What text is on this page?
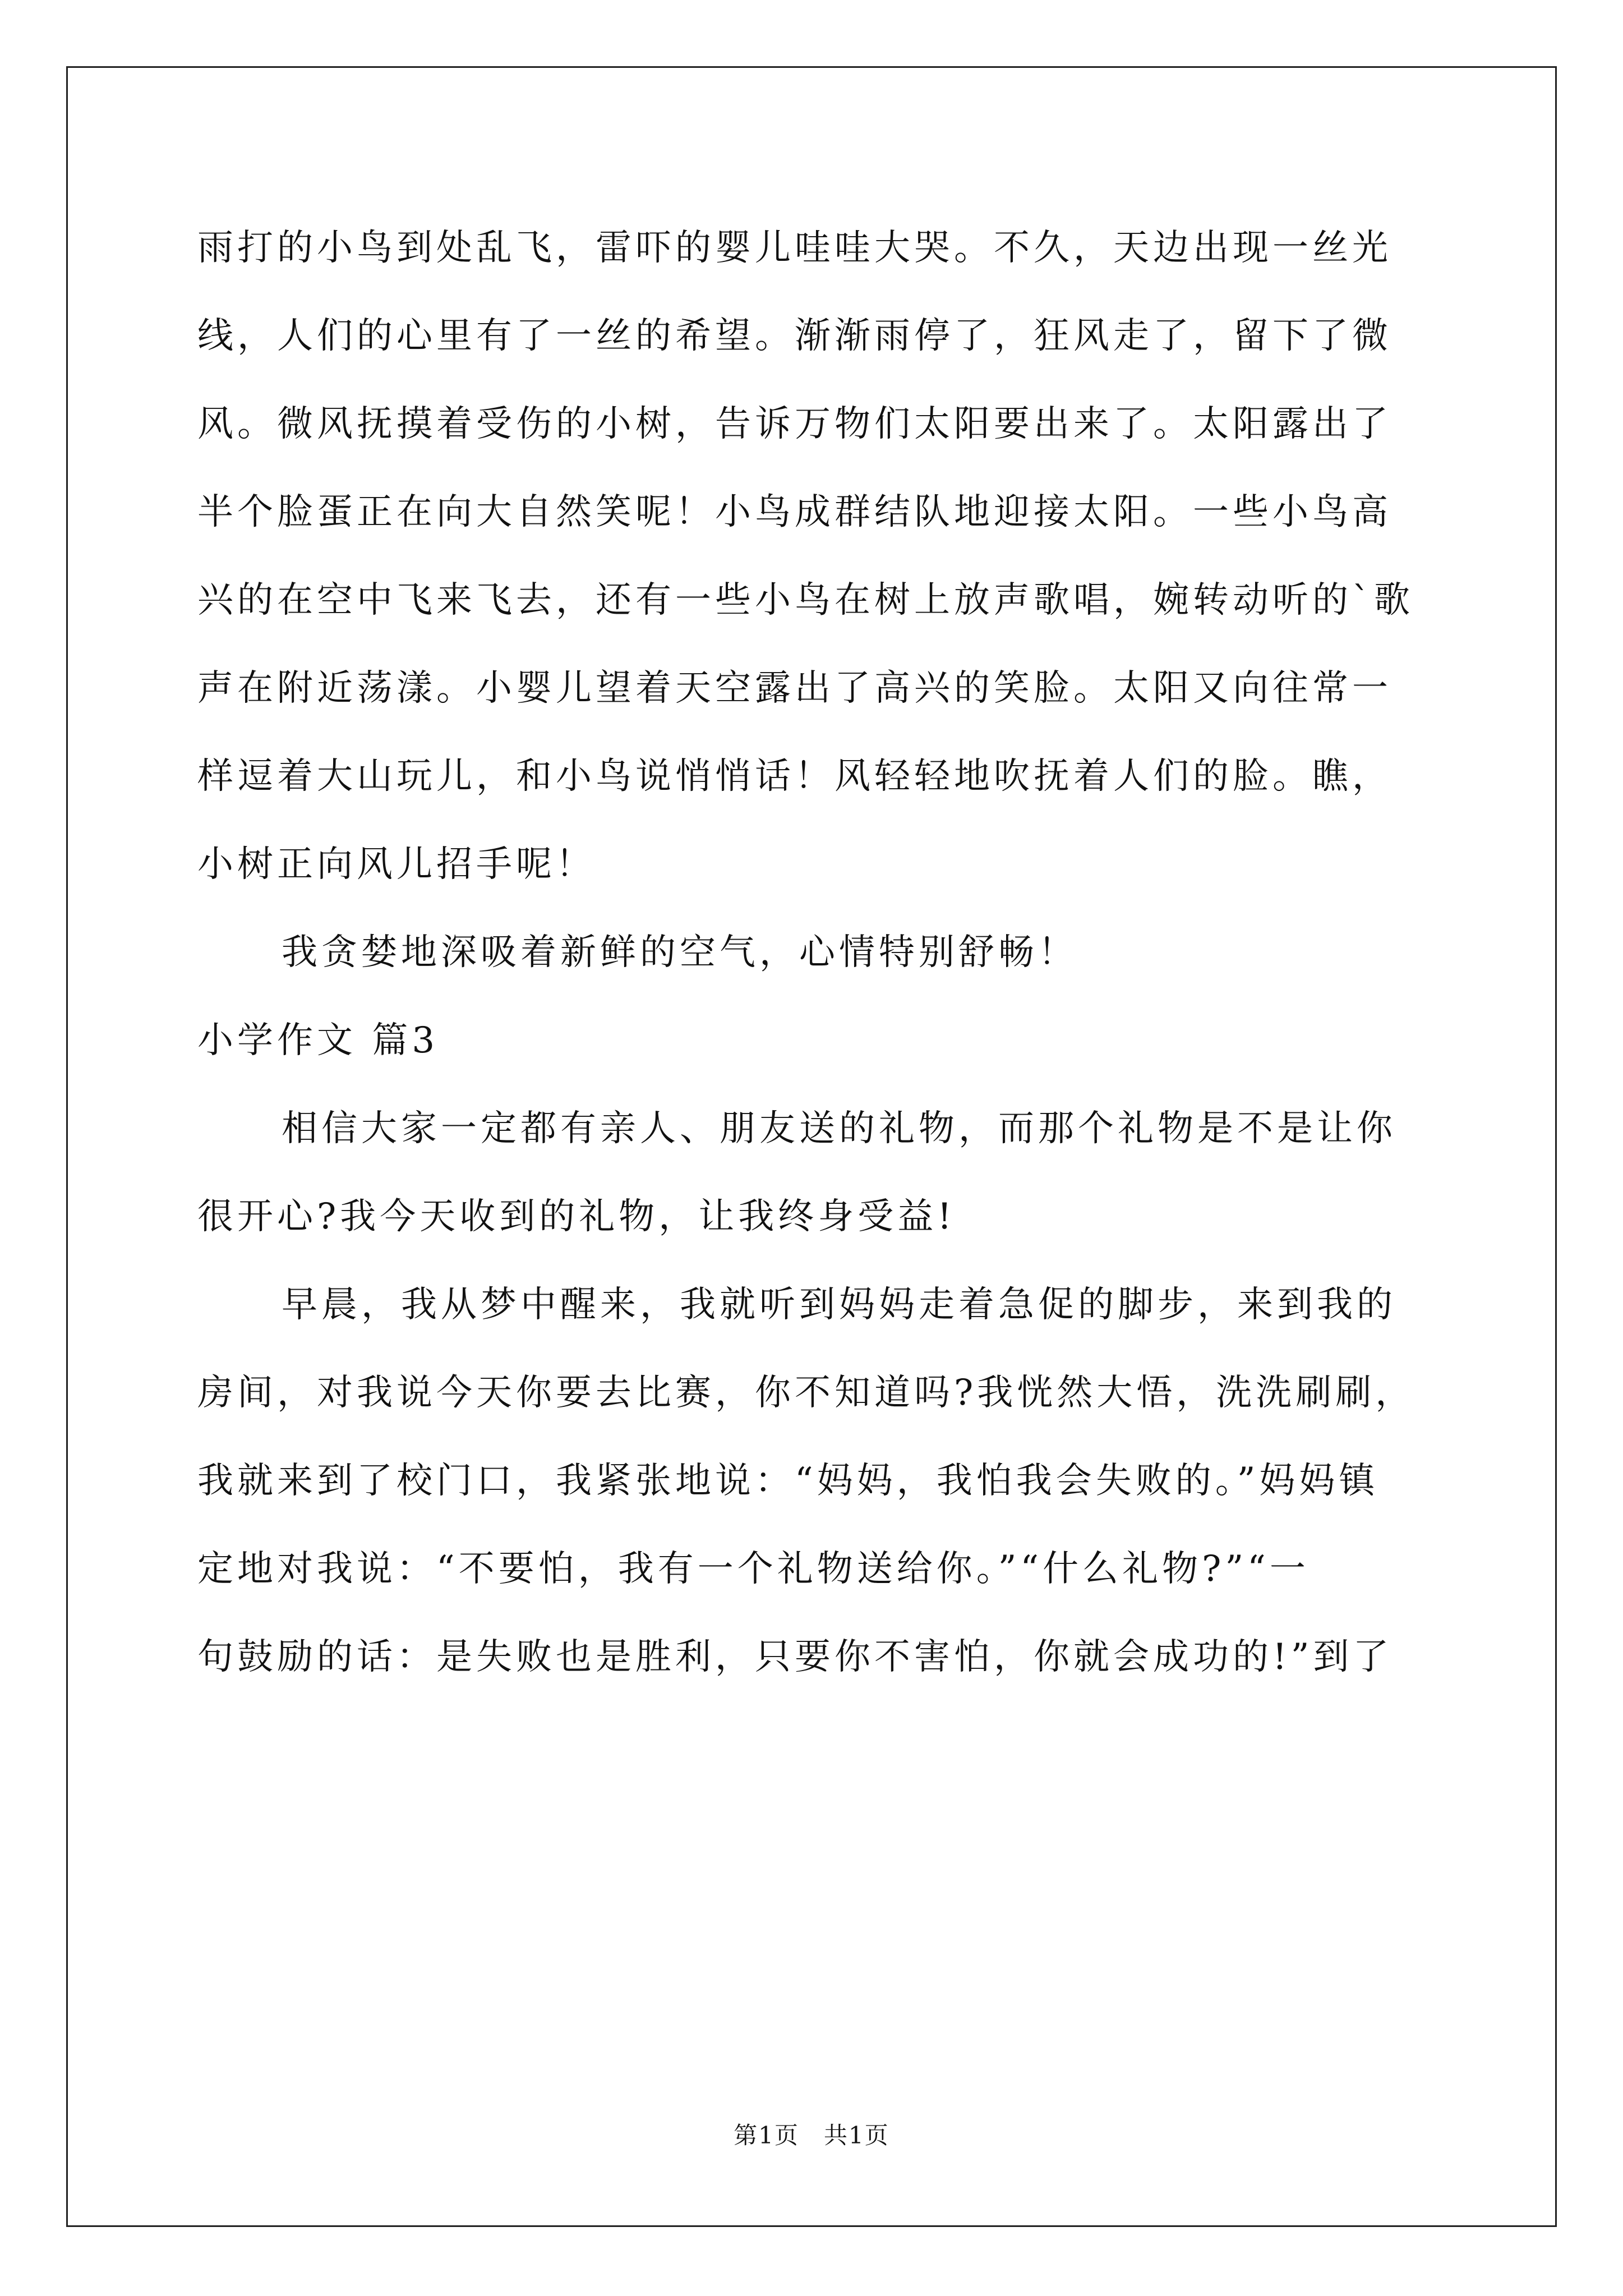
雨打的小鸟到处乱飞，雷吓的婴儿哇哇大哭。不久，天边出现一丝光
线，人们的心里有了一丝的希望。渐渐雨停了，狂风走了，留下了微
风。微风抚摸着受伤的小树，告诉万物们太阳要出来了。太阳露出了
半个脸蛋正在向大自然笑呢！小鸟成群结队地迎接太阳。一些小鸟高
兴的在空中飞来飞去，还有一些小鸟在树上放声歌唱，婉转动听的`歌
声在附近荡漾。小婴儿望着天空露出了高兴的笑脸。太阳又向往常一
样逗着大山玩儿，和小鸟说悄悄话！风轻轻地吹抚着人们的脸。瞧，
小树正向风儿招手呢！
我贪婪地深吸着新鲜的空气，心情特别舒畅！
小学作文 篇3
相信大家一定都有亲人、朋友送的礼物，而那个礼物是不是让你
很开心?我今天收到的礼物，让我终身受益!
早晨，我从梦中醒来，我就听到妈妈走着急促的脚步，来到我的
房间，对我说今天你要去比赛，你不知道吗?我恍然大悟，洗洗刷刷，
我就来到了校门口，我紧张地说：“妈妈，我怕我会失败的。”妈妈镇
定地对我说：“不要怕，我有一个礼物送给你。”“什么礼物?”“一
句鼓励的话：是失败也是胜利，只要你不害怕，你就会成功的!”到了
第1页　共1页
